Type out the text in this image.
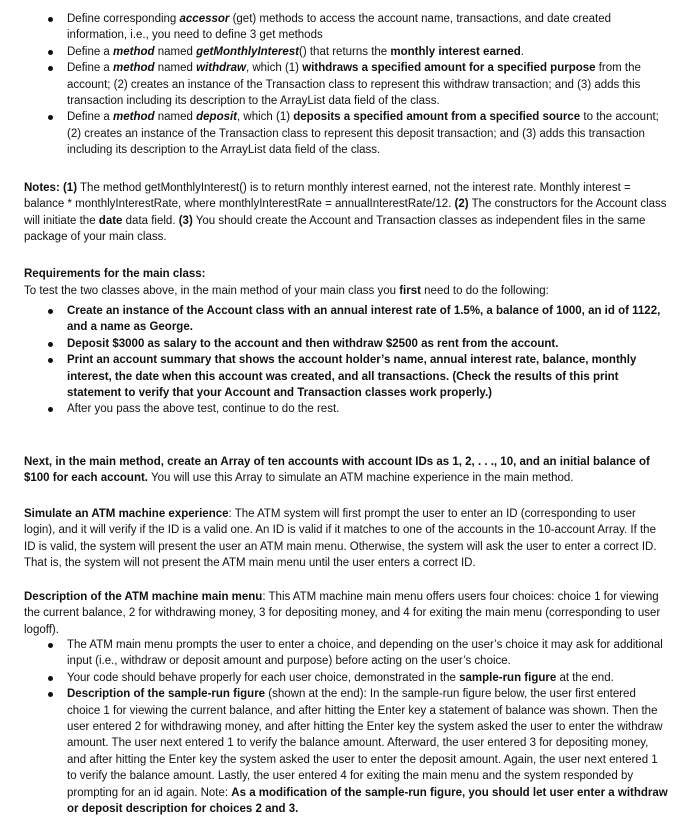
Define corresponding accessor (get) methods to access the account name, transactions, and date created information, i.e., you need to define 3 get methods
Define a method named getMonthlyInterest() that returns the monthly interest earned.
Define a method named withdraw, which (1) withdraws a specified amount for a specified purpose from the account; (2) creates an instance of the Transaction class to represent this withdraw transaction; and (3) adds this transaction including its description to the ArrayList data field of the class.
Define a method named deposit, which (1) deposits a specified amount from a specified source to the account; (2) creates an instance of the Transaction class to represent this deposit transaction; and (3) adds this transaction including its description to the ArrayList data field of the class.

Notes: (1) The method getMonthlyInterest() is to return monthly interest earned, not the interest rate. Monthly interest = balance * monthlyInterestRate, where monthlyInterestRate = annualInterestRate/12. (2) The constructors for the Account class will initiate the date data field. (3) You should create the Account and Transaction classes as independent files in the same package of your main class.

Requirements for the main class:

To test the two classes above, in the main method of your main class you first need to do the following:

Create an instance of the Account class with an annual interest rate of 1.5%, a balance of 1000, an id of 1122, and a name as George.
Deposit $3000 as salary to the account and then withdraw $2500 as rent from the account.
Print an account summary that shows the account holder’s name, annual interest rate, balance, monthly interest, the date when this account was created, and all transactions. (Check the results of this print statement to verify that your Account and Transaction classes work properly.)
After you pass the above test, continue to do the rest.

Next, in the main method, create an Array of ten accounts with account IDs as 1, 2, . . ., 10, and an initial balance of $100 for each account. You will use this Array to simulate an ATM machine experience in the main method.

Simulate an ATM machine experience: The ATM system will first prompt the user to enter an ID (corresponding to user login), and it will verify if the ID is a valid one. An ID is valid if it matches to one of the accounts in the 10-account Array. If the ID is valid, the system will present the user an ATM main menu. Otherwise, the system will ask the user to enter a correct ID. That is, the system will not present the ATM main menu until the user enters a correct ID.

Description of the ATM machine main menu: This ATM machine main menu offers users four choices: choice 1 for viewing the current balance, 2 for withdrawing money, 3 for depositing money, and 4 for exiting the main menu (corresponding to user logoff).

The ATM main menu prompts the user to enter a choice, and depending on the user’s choice it may ask for additional input (i.e., withdraw or deposit amount and purpose) before acting on the user’s choice.
Your code should behave properly for each user choice, demonstrated in the sample-run figure at the end.
Description of the sample-run figure (shown at the end): In the sample-run figure below, the user first entered choice 1 for viewing the current balance, and after hitting the Enter key a statement of balance was shown. Then the user entered 2 for withdrawing money, and after hitting the Enter key the system asked the user to enter the withdraw amount. The user next entered 1 to verify the balance amount. Afterward, the user entered 3 for depositing money, and after hitting the Enter key the system asked the user to enter the deposit amount. Again, the user next entered 1 to verify the balance amount. Lastly, the user entered 4 for exiting the main menu and the system responded by prompting for an id again. Note: As a modification of the sample-run figure, you should let user enter a withdraw or deposit description for choices 2 and 3.
